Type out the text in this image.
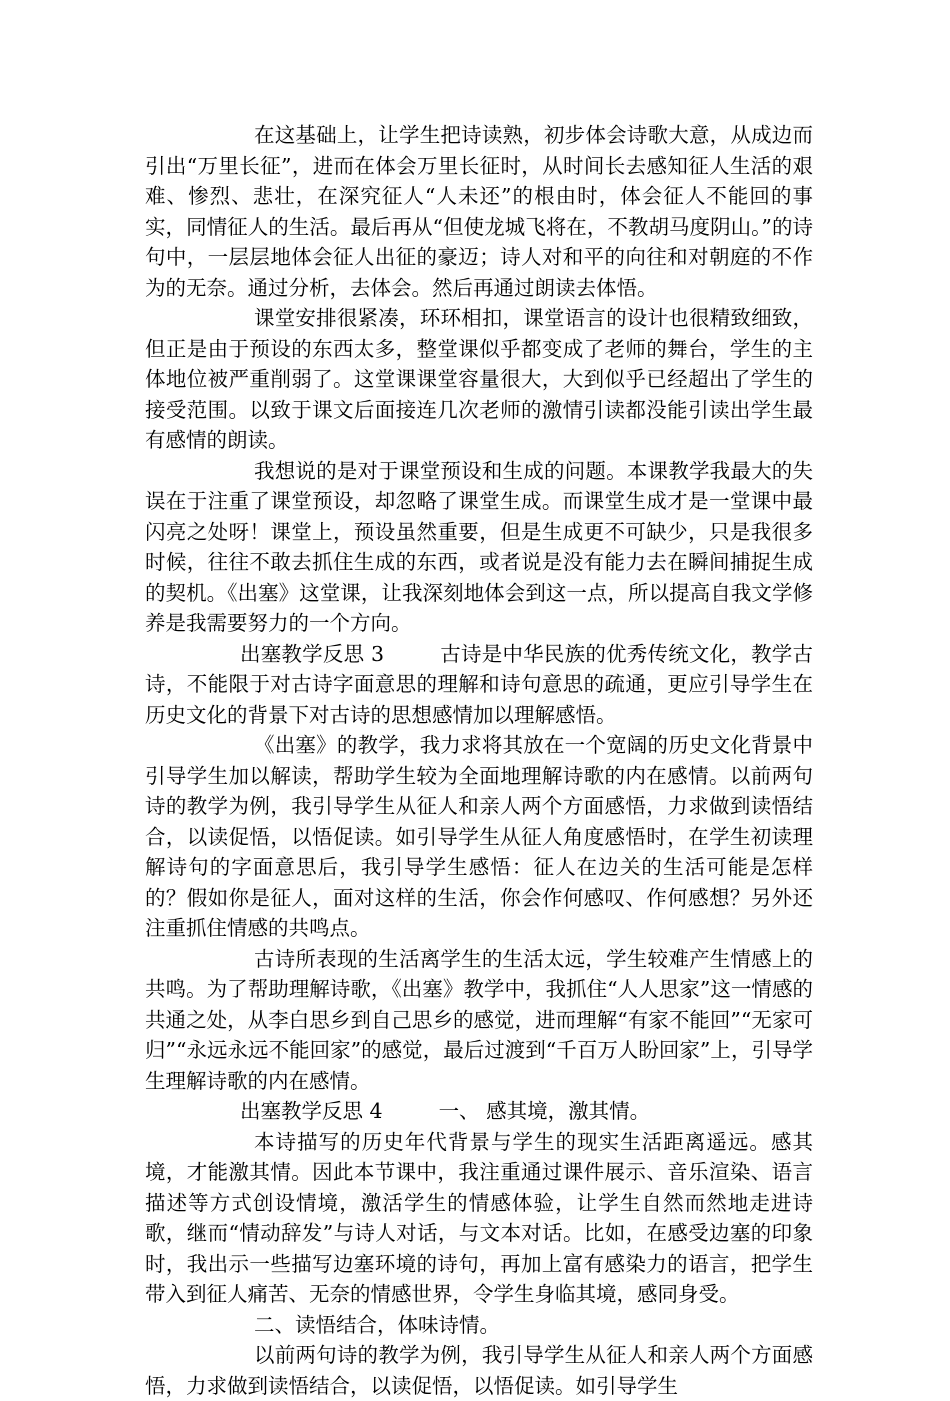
在这基础上，让学生把诗读熟，初步体会诗歌大意，从成边而引出“万里长征”，进而在体会万里长征时，从时间长去感知征人生活的艰难、惨烈、悲壮，在深究征人“人未还”的根由时，体会征人不能回的事实，同情征人的生活。最后再从“但使龙城飞将在，不教胡马度阴山。”的诗句中，一层层地体会征人出征的豪迈；诗人对和平的向往和对朝庭的不作为的无奈。通过分析，去体会。然后再通过朗读去体悟。

课堂安排很紧凑，环环相扣，课堂语言的设计也很精致细致，但正是由于预设的东西太多，整堂课似乎都变成了老师的舞台，学生的主体地位被严重削弱了。这堂课课堂容量很大，大到似乎已经超出了学生的接受范围。以致于课文后面接连几次老师的激情引读都没能引读出学生最有感情的朗读。

我想说的是对于课堂预设和生成的问题。本课教学我最大的失误在于注重了课堂预设，却忽略了课堂生成。而课堂生成才是一堂课中最闪亮之处呀！课堂上，预设虽然重要，但是生成更不可缺少，只是我很多时候，往往不敢去抓住生成的东西，或者说是没有能力去在瞬间捕捉生成的契机。《出塞》这堂课，让我深刻地体会到这一点，所以提高自我文学修养是我需要努力的一个方向。

出塞教学反思 3	古诗是中华民族的优秀传统文化，教学古诗，不能限于对古诗字面意思的理解和诗句意思的疏通，更应引导学生在历史文化的背景下对古诗的思想感情加以理解感悟。

《出塞》的教学，我力求将其放在一个宽阔的历史文化背景中引导学生加以解读，帮助学生较为全面地理解诗歌的内在感情。以前两句诗的教学为例，我引导学生从征人和亲人两个方面感悟，力求做到读悟结合，以读促悟，以悟促读。如引导学生从征人角度感悟时，在学生初读理解诗句的字面意思后，我引导学生感悟：征人在边关的生活可能是怎样的？假如你是征人，面对这样的生活，你会作何感叹、作何感想？另外还注重抓住情感的共鸣点。

古诗所表现的生活离学生的生活太远，学生较难产生情感上的共鸣。为了帮助理解诗歌，《出塞》教学中，我抓住“人人思家”这一情感的共通之处，从李白思乡到自己思乡的感觉，进而理解“有家不能回”“无家可归”“永远永远不能回家”的感觉，最后过渡到“千百万人盼回家”上，引导学生理解诗歌的内在感情。

出塞教学反思 4	一、 感其境，激其情。

本诗描写的历史年代背景与学生的现实生活距离遥远。感其境，才能激其情。因此本节课中，我注重通过课件展示、音乐渲染、语言描述等方式创设情境，激活学生的情感体验，让学生自然而然地走进诗歌，继而“情动辞发”与诗人对话，与文本对话。比如，在感受边塞的印象时，我出示一些描写边塞环境的诗句，再加上富有感染力的语言，把学生带入到征人痛苦、无奈的情感世界，令学生身临其境，感同身受。

二、读悟结合，体味诗情。

以前两句诗的教学为例，我引导学生从征人和亲人两个方面感悟，力求做到读悟结合，以读促悟，以悟促读。如引导学生
